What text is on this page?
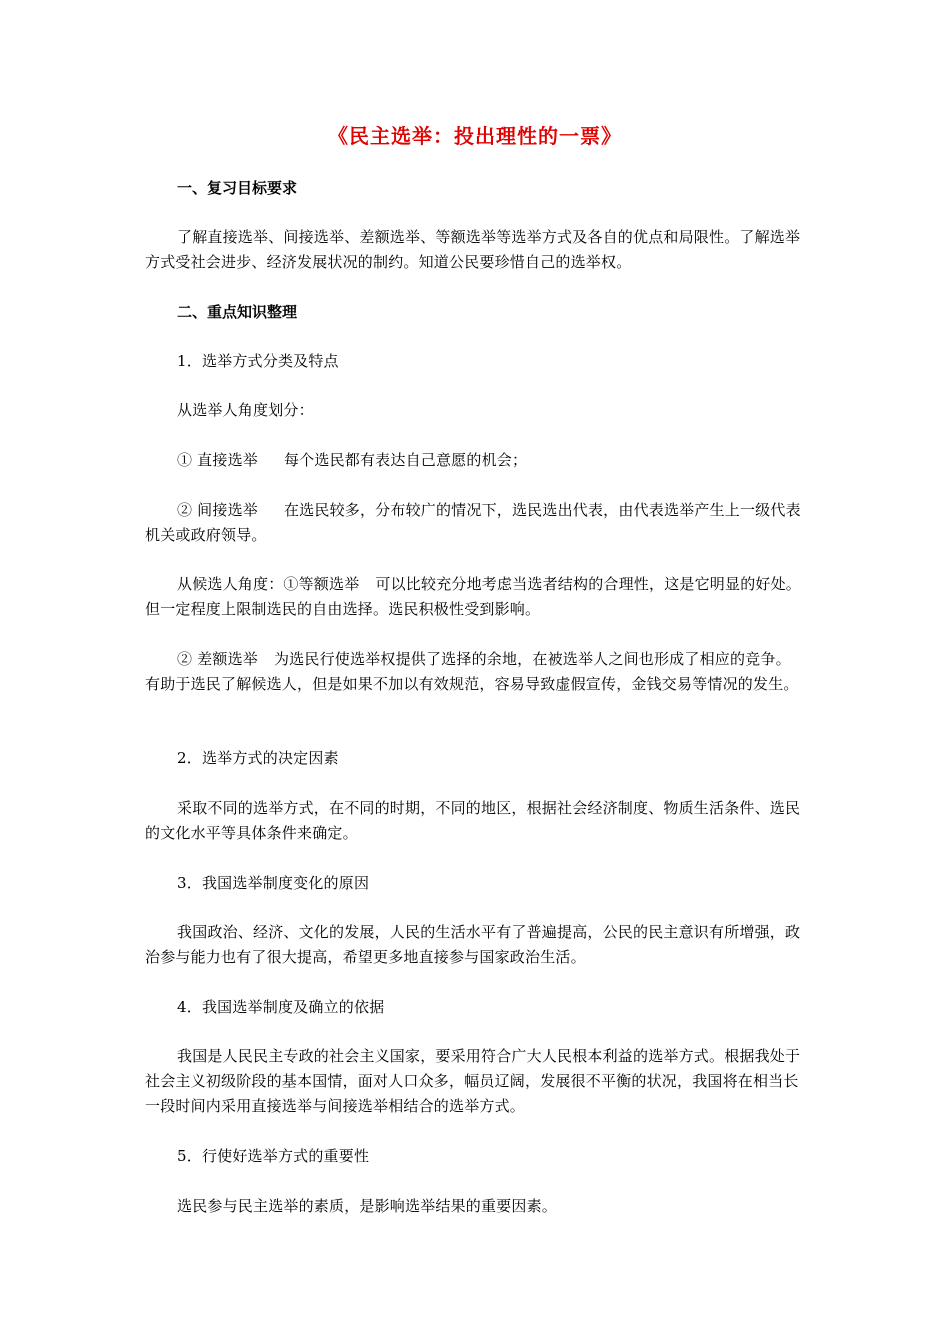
《民主选举：投出理性的一票》
一、复习目标要求
了解直接选举、间接选举、差额选举、等额选举等选举方式及各自的优点和局限性。了解选举方式受社会进步、经济发展状况的制约。知道公民要珍惜自己的选举权。
二、重点知识整理
1．选举方式分类及特点
从选举人角度划分：
① 直接选举 每个选民都有表达自己意愿的机会；
② 间接选举 在选民较多，分布较广的情况下，选民选出代表，由代表选举产生上一级代表机关或政府领导。
从候选人角度：①等额选举 可以比较充分地考虑当选者结构的合理性，这是它明显的好处。但一定程度上限制选民的自由选择。选民积极性受到影响。
② 差额选举 为选民行使选举权提供了选择的余地，在被选举人之间也形成了相应的竞争。有助于选民了解候选人，但是如果不加以有效规范，容易导致虚假宣传，金钱交易等情况的发生。
2．选举方式的决定因素
采取不同的选举方式，在不同的时期，不同的地区，根据社会经济制度、物质生活条件、选民的文化水平等具体条件来确定。
3．我国选举制度变化的原因
我国政治、经济、文化的发展，人民的生活水平有了普遍提高，公民的民主意识有所增强，政治参与能力也有了很大提高，希望更多地直接参与国家政治生活。
4．我国选举制度及确立的依据
我国是人民民主专政的社会主义国家，要采用符合广大人民根本利益的选举方式。根据我处于社会主义初级阶段的基本国情，面对人口众多，幅员辽阔，发展很不平衡的状况，我国将在相当长一段时间内采用直接选举与间接选举相结合的选举方式。
5．行使好选举方式的重要性
选民参与民主选举的素质，是影响选举结果的重要因素。
